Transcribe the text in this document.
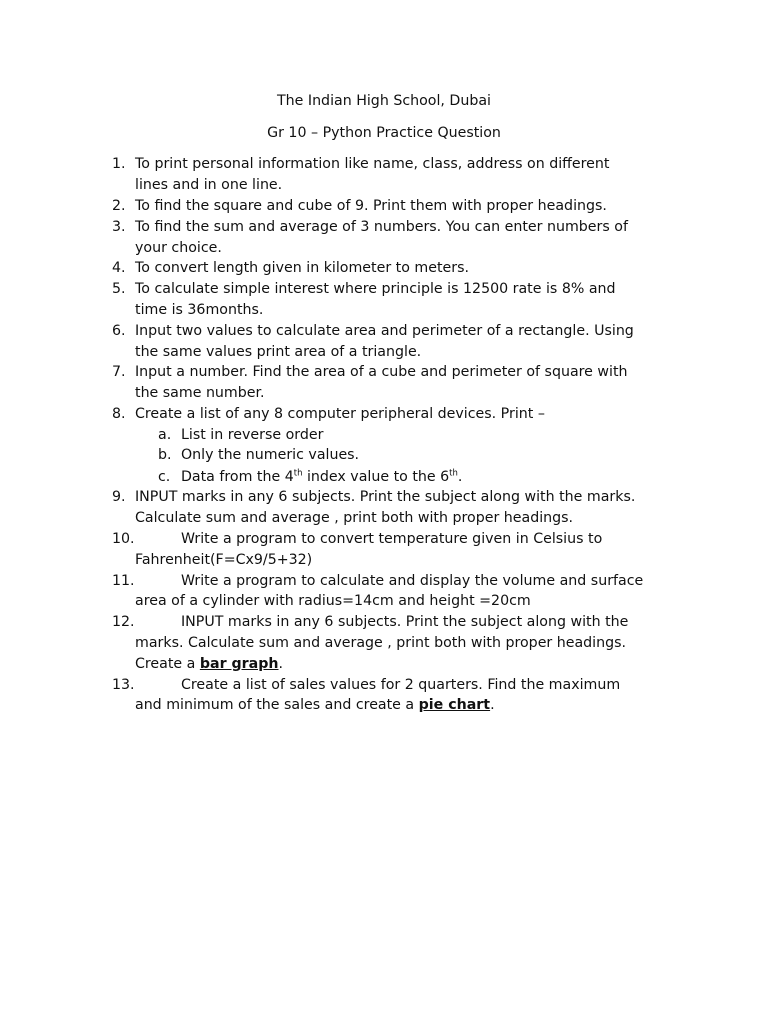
The Indian High School, Dubai
Gr 10 – Python Practice Question
1. To print personal information like name, class, address on different
lines and in one line.
2. To find the square and cube of 9. Print them with proper headings.
3. To find the sum and average of 3 numbers. You can enter numbers of
your choice.
4. To convert length given in kilometer to meters.
5. To calculate simple interest where principle is 12500 rate is 8% and
time is 36months.
6. Input two values to calculate area and perimeter of a rectangle. Using
the same values print area of a triangle.
7. Input a number. Find the area of a cube and perimeter of square with
the same number.
8. Create a list of any 8 computer peripheral devices. Print –
a. List in reverse order
b. Only the numeric values.
c. Data from the 4th index value to the 6th.
9. INPUT marks in any 6 subjects. Print the subject along with the marks.
Calculate sum and average , print both with proper headings.
10.	Write a program to convert temperature given in Celsius to
Fahrenheit(F=Cx9/5+32)
11.	Write a program to calculate and display the volume and surface
area of a cylinder with radius=14cm and height =20cm
12.	INPUT marks in any 6 subjects. Print the subject along with the
marks. Calculate sum and average , print both with proper headings.
Create a bar graph.
13.	Create a list of sales values for 2 quarters. Find the maximum
and minimum of the sales and create a pie chart.
